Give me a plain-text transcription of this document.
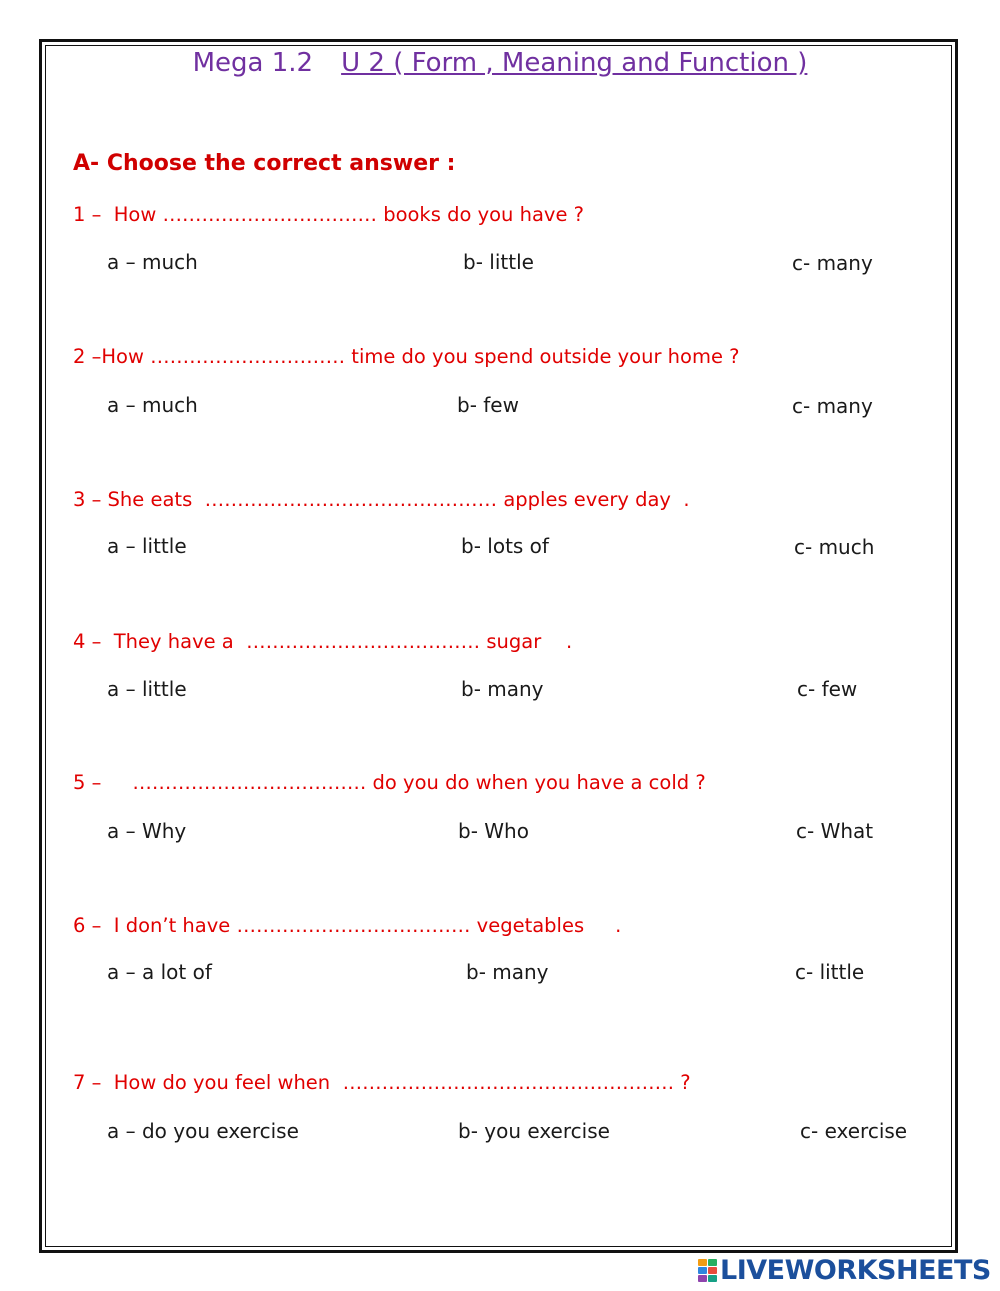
Mega 1.2 U 2 ( Form , Meaning and Function )
A- Choose the correct answer :
1 –  How …………………………… books do you have ?
a – much	b- little	c- many
2 –How ………………………… time do you spend outside your home ?
a – much	b- few	c- many
3 – She eats  ……………………………………… apples every day  .
a – little	b- lots of	c- much
4 –  They have a  ……………………………… sugar    .
a – little	b- many	c- few
5 –     ……………………………… do you do when you have a cold ?
a – Why	b- Who	c- What
6 –  I don’t have ……………………………… vegetables     .
a – a lot of	b- many	c- little
7 –  How do you feel when  …………………………………………… ?
a – do you exercise	b- you exercise	c- exercise
LIVEWORKSHEETS
